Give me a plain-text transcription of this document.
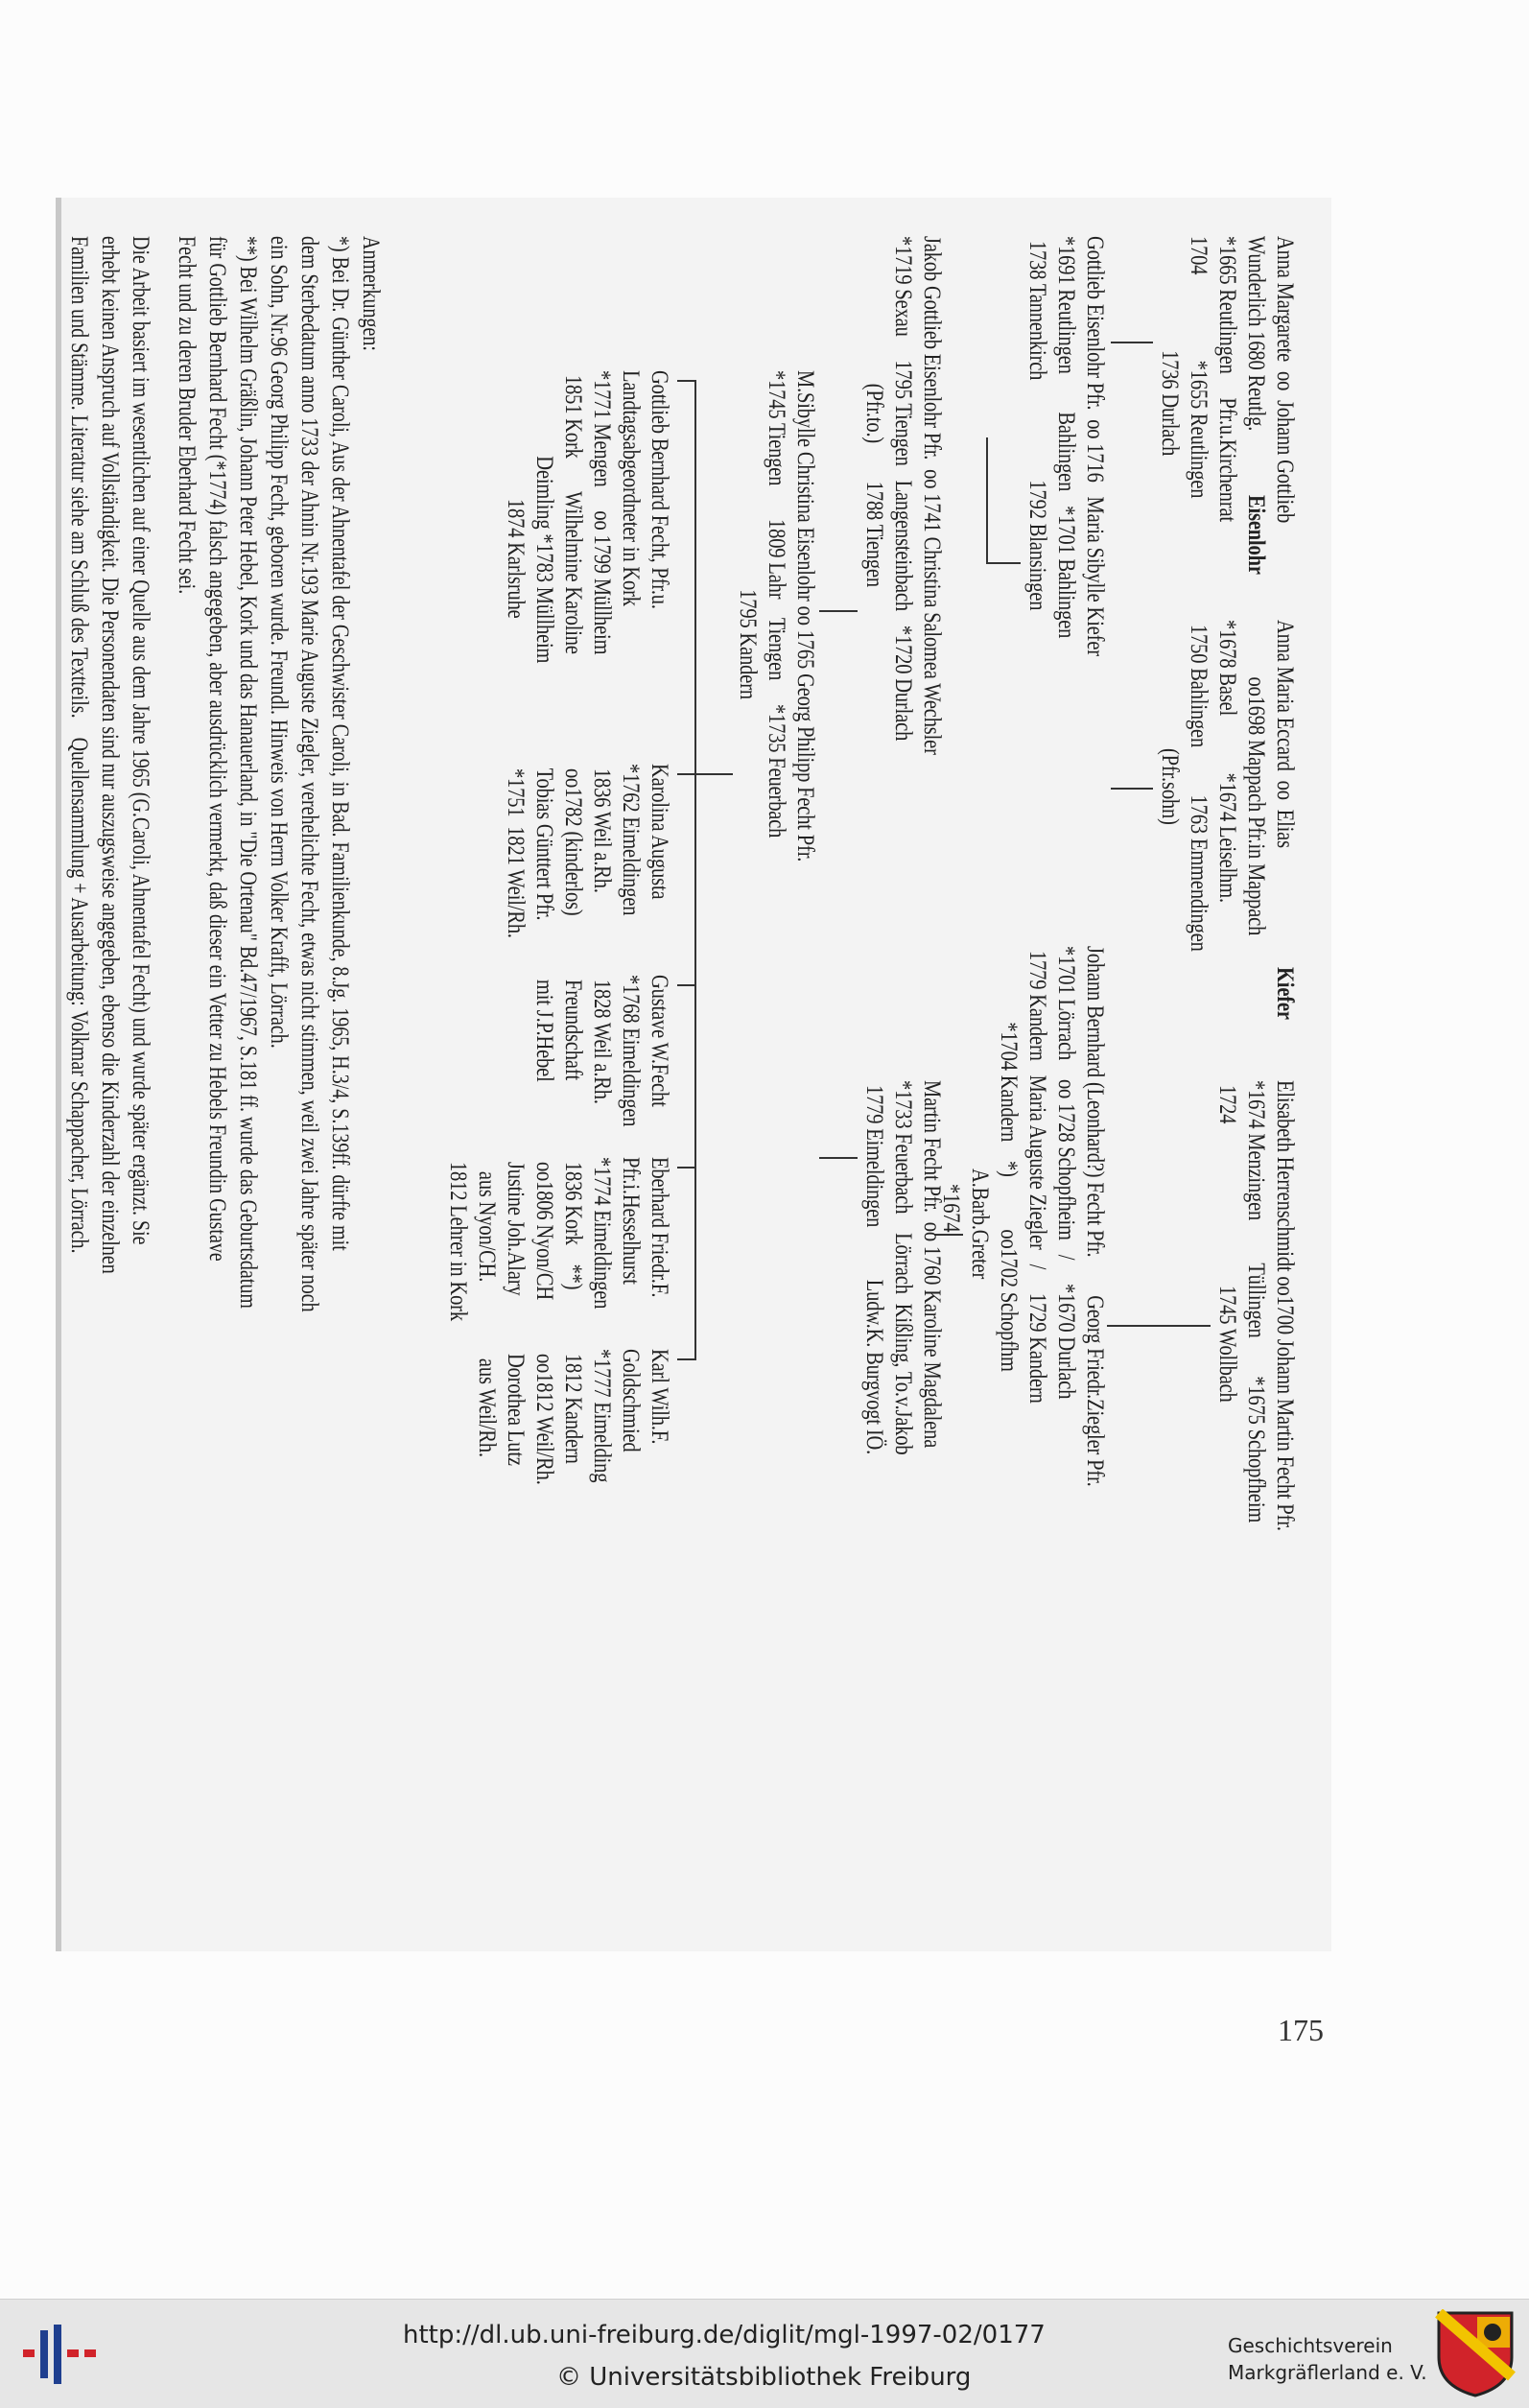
Anna Margarete  oo  Johann Gottlieb
Wunderlich 1680 Reutlg.
Eisenlohr
*1665 Reutlingen     Pfr.u.Kirchenrat
1704                  *1655 Reutlingen
1736 Durlach
Anna Maria Eccard  oo  Elias
Kiefer
oo1698 Mappach Pfr.in Mappach
*1678 Basel            *1674 Leiselhm.
1750 Bahlingen          1763 Emmendingen
(Pfr.sohn)
Elisabeth Herrenschmidt oo1700 Johann Martin Fecht Pfr.
*1674 Menzingen         Tüllingen        *1675 Schopfheim
1724                                  1745 Wollbach
Gottlieb Eisenlohr Pfr.  oo 1716   Maria Sibylle Kiefer
*1691 Reutlingen        Bahlingen   *1701 Bahlingen
1738 Tannenkirch                     1792 Blansingen
Johann Bernhard (Leonhard?) Fecht Pfr.        Georg Friedr.Ziegler Pfr.
*1701 Lörrach    oo 1728 Schopfheim   /     *1670 Durlach
1779 Kandern   Maria Auguste Ziegler   /     1729 Kandern
*1704 Kandern    *)           oo1702 Schopfhm
A.Barb.Greter
*1674
Jakob Gottlieb Eisenlohr Pfr.  oo 1741 Christina Salomea Wechsler
*1719 Sexau     1795 Tiengen   Langensteinbach   *1720 Durlach
(Pfr.to.)        1788 Tiengen
Martin Fecht Pfr.  oo 1760 Karoline Magdalena
*1733 Feuerbach    Lörrach  Kißling, To.v.Jakob
1779 Eimeldingen           Ludw.K. Burgvogt IÖ.
M.Sibylle Christina Eisenlohr oo 1765 Georg Philipp Fecht Pfr.
*1745 Tiengen       1809 Lahr    Tiengen     *1735 Feuerbach
1795 Kandern
Gottlieb Bernhard Fecht, Pfr.u.
Landtagsabgeordneter in Kork
*1771 Mengen     oo 1799 Müllheim
1851 Kork       Wilhelmine Karoline
Deimling *1783 Müllheim
1874 Karlsruhe
Karolina Augusta
*1762 Eimeldingen
1836 Weil a.Rh.
oo1782 (kinderlos)
Tobias Günttert Pfr.
*1751  1821 Weil/Rh.
Gustave W.Fecht
*1768 Eimeldingen
1828 Weil a.Rh.
Freundschaft
mit J.P.Hebel
Eberhard Friedr.F.
Pfr.i.Hesselhurst
*1774 Eimeldingen
1836 Kork    **)
oo1806 Nyon/CH
Justine Joh.Alary
aus Nyon/CH.
1812 Lehrer in Kork
Karl Wilh.F.
Goldschmied
*1777 Eimelding
1812 Kandern
oo1812 Weil/Rh.
Dorothea Lutz
aus Weil/Rh.
Anmerkungen:
*) Bei Dr. Günther Caroli, Aus der Ahnentafel der Geschwister Caroli, in Bad. Familienkunde, 8.Jg. 1965, H.3/4, S.139ff. dürfte mit
dem Sterbedatum anno 1733 der Ahnin Nr.193 Marie Auguste Ziegler, verehelichte Fecht, etwas nicht stimmen, weil zwei Jahre später noch
ein Sohn, Nr.96 Georg Philipp Fecht, geboren wurde. Freundl. Hinweis von Herrn Volker Krafft, Lörrach.
**) Bei Wilhelm Gräßlin, Johann Peter Hebel, Kork und das Hanauerland, in "Die Ortenau" Bd.47/1967, S.181 ff. wurde das Geburtsdatum
für Gottlieb Bernhard Fecht (*1774) falsch angegeben, aber ausdrücklich vermerkt, daß dieser ein Vetter zu Hebels Freundin Gustave
Fecht und zu deren Bruder Eberhard Fecht sei.
Die Arbeit basiert im wesentlichen auf einer Quelle aus dem Jahre 1965 (G.Caroli, Ahnentafel Fecht) und wurde später ergänzt. Sie
erhebt keinen Anspruch auf Vollständigkeit. Die Personendaten sind nur auszugsweise angegeben, ebenso die Kinderzahl der einzelnen
Familien und Stämme. Literatur siehe am Schluß des Textteils.    Quellensammlung + Ausarbeitung: Volkmar Schappacher, Lörrach.
175
http://dl.ub.uni-freiburg.de/diglit/mgl-1997-02/0177
© Universitätsbibliothek Freiburg
Geschichtsverein
Markgräflerland e. V.
